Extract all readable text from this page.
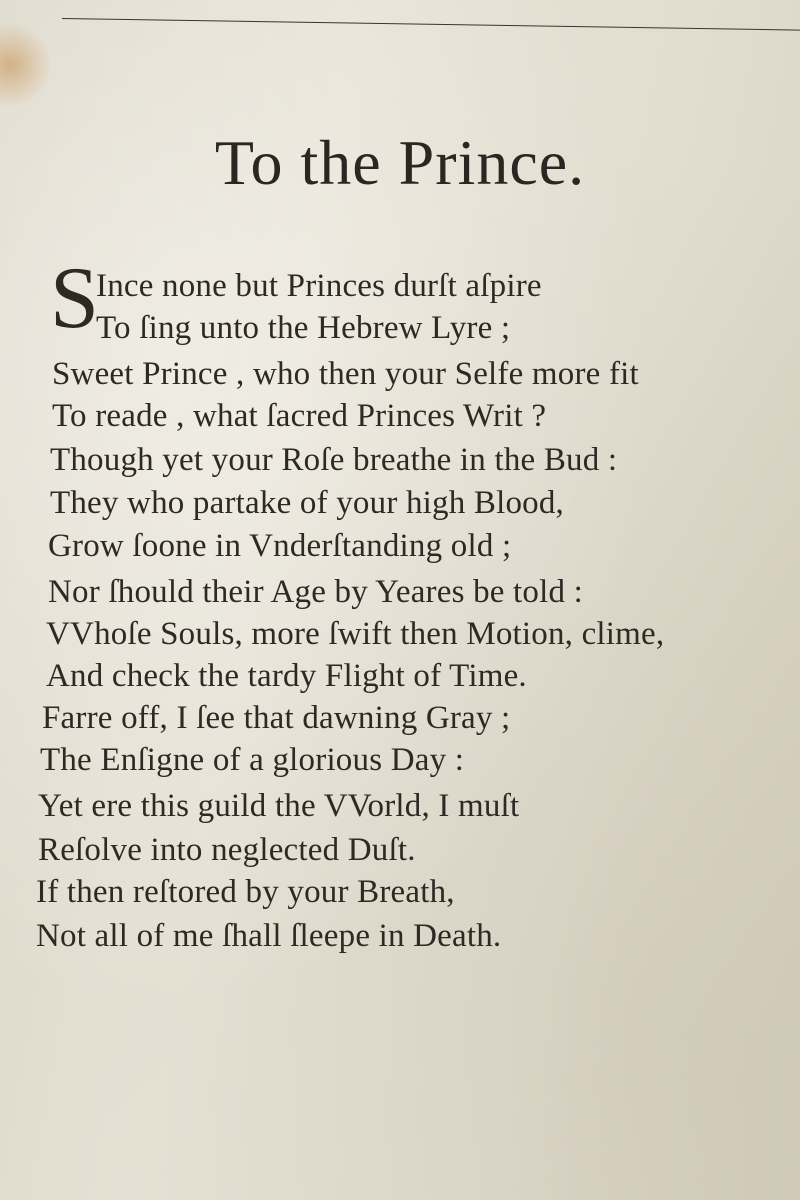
To the Prince.
S
Ince none but Princes durſt aſpire
To ſing unto the Hebrew Lyre ;
Sweet Prince , who then your Selfe more fit
To reade , what ſacred Princes Writ ?
Though yet your Roſe breathe in the Bud :
They who partake of your high Blood,
Grow ſoone in Vnderſtanding old ;
Nor ſhould their Age by Yeares be told :
VVhoſe Souls, more ſwift then Motion, clime,
And check the tardy Flight of Time.
Farre off, I ſee that dawning Gray ;
The Enſigne of a glorious Day :
Yet ere this guild the VVorld, I muſt
Reſolve into neglected Duſt.
If then reſtored by your Breath,
Not all of me ſhall ſleepe in Death.
